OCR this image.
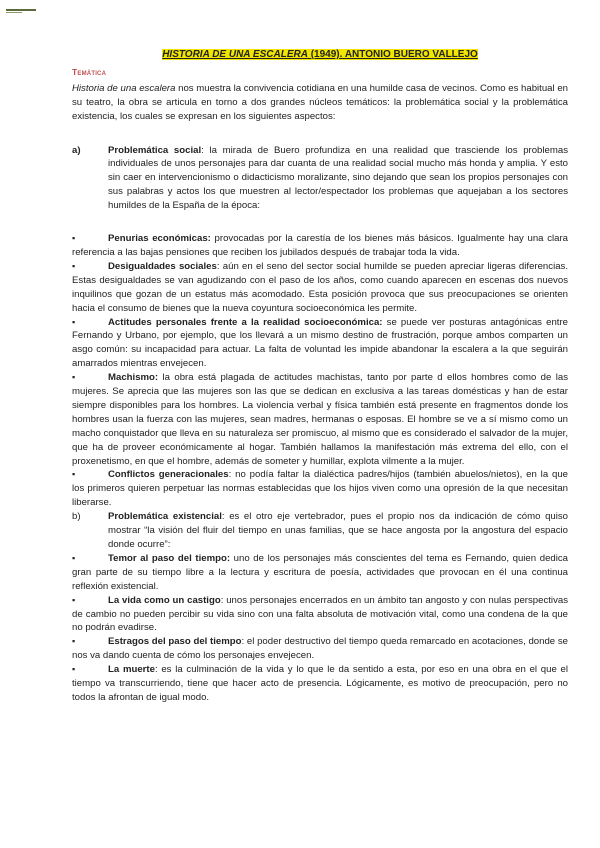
HISTORIA DE UNA ESCALERA (1949). ANTONIO BUERO VALLEJO
Temática

Historia de una escalera nos muestra la convivencia cotidiana en una humilde casa de vecinos. Como es habitual en su teatro, la obra se articula en torno a dos grandes núcleos temáticos: la problemática social y la problemática existencia, los cuales se expresan en los siguientes aspectos:

a)	Problemática social: la mirada de Buero profundiza en una realidad que trasciende los problemas individuales de unos personajes para dar cuanta de una realidad social mucho más honda y amplia. Y esto sin caer en intervencionismo o didacticismo moralizante, sino dejando que sean los propios personajes con sus palabras y actos los que muestren al lector/espectador los problemas que aquejaban a los sectores humildes de la España de la época:

▪	Penurias económicas: provocadas por la carestía de los bienes más básicos. Igualmente hay una clara referencia a las bajas pensiones que reciben los jubilados después de trabajar toda la vida.

▪	Desigualdades sociales: aún en el seno del sector social humilde se pueden apreciar ligeras diferencias. Estas desigualdades se van agudizando con el paso de los años, como cuando aparecen en escenas dos nuevos inquilinos que gozan de un estatus más acomodado. Esta posición provoca que sus preocupaciones se orienten hacia el consumo de bienes que la nueva coyuntura socioeconómica les permite.

▪	Actitudes personales frente a la realidad socioeconómica: se puede ver posturas antagónicas entre Fernando y Urbano, por ejemplo, que los llevará a un mismo destino de frustración, porque ambos comparten un asgo común: su incapacidad para actuar. La falta de voluntad les impide abandonar la escalera a la que seguirán amarrados mientras envejecen.

▪	Machismo: la obra está plagada de actitudes machistas, tanto por parte d ellos hombres como de las mujeres. Se aprecia que las mujeres son las que se dedican en exclusiva a las tareas domésticas y han de estar siempre disponibles para los hombres. La violencia verbal y física también está presente en fragmentos donde los hombres usan la fuerza con las mujeres, sean madres, hermanas o esposas. El hombre se ve a sí mismo como un macho conquistador que lleva en su naturaleza ser promiscuo, al mismo que es considerado el salvador de la mujer, que ha de proveer económicamente al hogar. También hallamos la manifestación más extrema del ello, con el proxenetismo, en que el hombre, además de someter y humillar, explota vilmente a la mujer.

▪	Conflictos generacionales: no podía faltar la dialéctica padres/hijos (también abuelos/nietos), en la que los primeros quieren perpetuar las normas establecidas que los hijos viven como una opresión de la que necesitan liberarse.

b)	Problemática existencial: es el otro eje vertebrador, pues el propio nos da indicación de cómo quiso mostrar “la visión del fluir del tiempo en unas familias, que se hace angosta por la angostura del espacio donde ocurre”:

▪	Temor al paso del tiempo: uno de los personajes más conscientes del tema es Fernando, quien dedica gran parte de su tiempo libre a la lectura y escritura de poesía, actividades que provocan en él una continua reflexión existencial.

▪	La vida como un castigo: unos personajes encerrados en un ámbito tan angosto y con nulas perspectivas de cambio no pueden percibir su vida sino con una falta absoluta de motivación vital, como una condena de la que no podrán evadirse.

▪	Estragos del paso del tiempo: el poder destructivo del tiempo queda remarcado en acotaciones, donde se nos va dando cuenta de cómo los personajes envejecen.

▪	La muerte: es la culminación de la vida y lo que le da sentido a esta, por eso en una obra en el que el tiempo va transcurriendo, tiene que hacer acto de presencia. Lógicamente, es motivo de preocupación, pero no todos la afrontan de igual modo.
